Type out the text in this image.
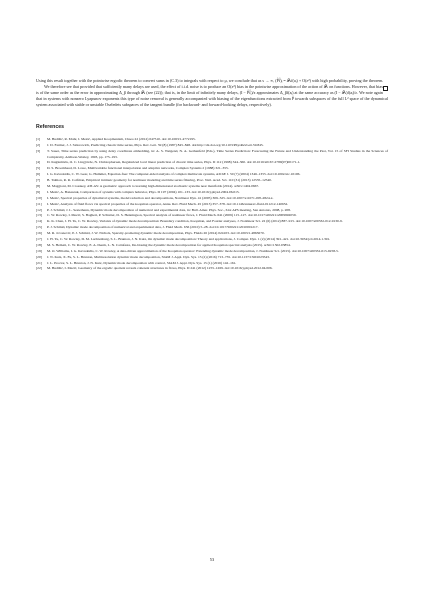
Using this result together with the pointwise ergodic theorem to convert sums in (C.3) to integrals with respect to μ, we conclude that as s → ∞, (P̂f̂)ᵢ = 𝒫ₛf(aᵢ) + O(ε²) with high probability, proving the theorem.

We therefore see that provided that sufficiently many delays are used, the effect of i.i.d. noise is to produce an O(ε²) bias in the pointwise approximation of the action of 𝒫ₛ on functions. However, that bias is of the same order as the error in approximating Δ_β through 𝒫ₛ (see (22)); that is, in the limit of infinitely many delays, (I − P̂f̂ᵢ)/ε approximates Δ_βf(aᵢ) at the same accuracy as (I − 𝒫ₛ)f(aᵢ)/ε. We note again that in systems with nonzero Lyapunov exponents this type of noise removal is generally accompanied with biasing of the eigenfunctions extracted from P̂ towards subspaces of the full L² space of the dynamical system associated with stable or unstable Oseledets subspaces of the tangent bundle (for backward- and forward-looking delays, respectively).

References
[1]	M. Budišić, R. Mohr, I. Mezić, Applied Koopmanism, Chaos 22 (2012) 047510. doi:10.1063/1.4772195.
[2]	J. D. Farmer, J. J. Sidorowich, Predicting chaotic time series, Phys. Rev. Lett. 59 (8) (1987) 845–848. doi:http://dx.doi.org/10.1103/PhysRevLett.59.845.
[3]	T. Sauer, Time series prediction by using delay coordinate embedding, in: A. S. Weigend, N. A. Gerhenfeld (Eds.), Time Series Prediction: Forecasting the Future and Understanding the Past, Vol. 15 of SFI Studies in the Sciences of Complexity, Addison-Wesley, 1993, pp. 175–193.
[4]	D. Kugiumtzis, O. C. Lingjærde, N. Christophersen, Regularized local linear prediction of chaotic time series, Phys. D 112 (1998) 344–360. doi:10.1016/s0167-2789(97)00171-1.
[5]	D. S. Broomhead, D. Lowe, Multivariable functional interpolation and adaptive networks, Complex Systems 2 (1988) 321–355.
[6]	I. G. Kevrekidis, C. W. Gear, G. Hummer, Equation-free: The computer-aided analysis of complex multiscale systems, AIChE J. 50 (7) (2004) 1346–1355. doi:10.1002/aic.10106.
[7]	B. Talmon, R. R. Coifman, Empirical intrinsic geometry for nonlinear modeling and time series filtering, Proc. Natl. Acad. Sci. 110 (31) (2013) 12535–12540.
[8]	M. Maggioni, M. Crosskey, ATLAS: A geometric approach to learning high-dimensional stochastic systems near manifolds (2014). arXiv:1404.0667.
[9]	I. Mezić, A. Banaszuk, Comparison of systems with complex behavior, Phys. D 197 (2004) 101–133. doi:10.1016/j.physd.2004.06.015.
[10]	I. Mezić, Spectral properties of dynamical systems, model reduction and decompositions, Nonlinear Dyn. 41 (2005) 309–325. doi:10.1007/s11071-005-2824-x.
[11]	I. Mezić, Analysis of fluid flows via spectral properties of the koopman operator, Annu. Rev. Fluid Mech. 45 (2013) 357–378. doi:10.1146/annurev-fluid-011212-140652.
[12]	P. J. Schmid, J. L. Sesterhenn, Dynamic mode decomposition of numerical and experimental data, in: Bull. Amer. Phys. Soc., 61st APS meeting, San Antonio, 2008, p. 208.
[13]	C. W. Rowley, I. Mezić, S. Bagheri, P. Schlatter, D. S. Henningson, Spectral analysis of nonlinear flows, J. Fluid Mech. 641 (2009) 115–127. doi:10.1017/s0022112009992059.
[14]	K. K. Chen, J. H. Tu, C. W. Rowley, Variants of dynamic mode decomposition: Boundary condition, Koopman, and Fourier analyses, J. Nonlinear Sci. 22 (6) (2012) 887–915. doi:10.1007/s00332-012-9130-9.
[15]	P. J. Schmid, Dynamic mode decomposition of numerical and experimental data, J. Fluid Mech. 656 (2010) 5–28. doi:10.1017/S0022112010001217.
[16]	M. R. Jovanović, P. J. Schmid, J. W. Nichols, Sparsity-promoting dynamic mode decomposition, Phys. Fluids 26 (2014) 024103. doi:10.1063/1.4863670.
[17]	J. H. Tu, C. W. Rowley, D. M. Luchtenburg, S. L. Brunton, J. N. Kutz, On dynamic mode decomposition: Theory and applications, J. Comput. Dyn. 1 (2) (2014) 391–421. doi:10.3934/jcd.2014.1.391.
[18]	M. S. Hemati, C. W. Rowley, E. A. Deem, L. N. Cattafesta, De-biasing the dynamic mode decomposition for applied Koopman spectral analysis (2015). arXiv:1502.03854.
[19]	M. O. Williams, I. G. Kevrekidis, C. W. Rowley, A data-driven approximation of the Koopman operator: Extending dynamic mode decomposition, J. Nonlinear Sci. (2015). doi:10.1007/s00332-015-9258-5.
[20]	J. N. Kutz, X. Fu, S. L. Brunton, Multiresolution dynamic mode decomposition, SIAM J. Appl. Dyn. Sys. 15 (2) (2016) 713–735. doi:10.1137/15M1023543.
[21]	J. L. Proctor, S. L. Brunton, J. N. Kutz, Dynamic mode decomposition with control, SIAM J. Appl. Dyn. Sys. 15 (1) (2016) 142–161.
[22]	M. Budišić, I. Mezić, Geometry of the ergodic quotient reveals coherent structures in flows, Phys. D 241 (2012) 1255–1269. doi:10.1016/j.physd.2012.04.006.
53
